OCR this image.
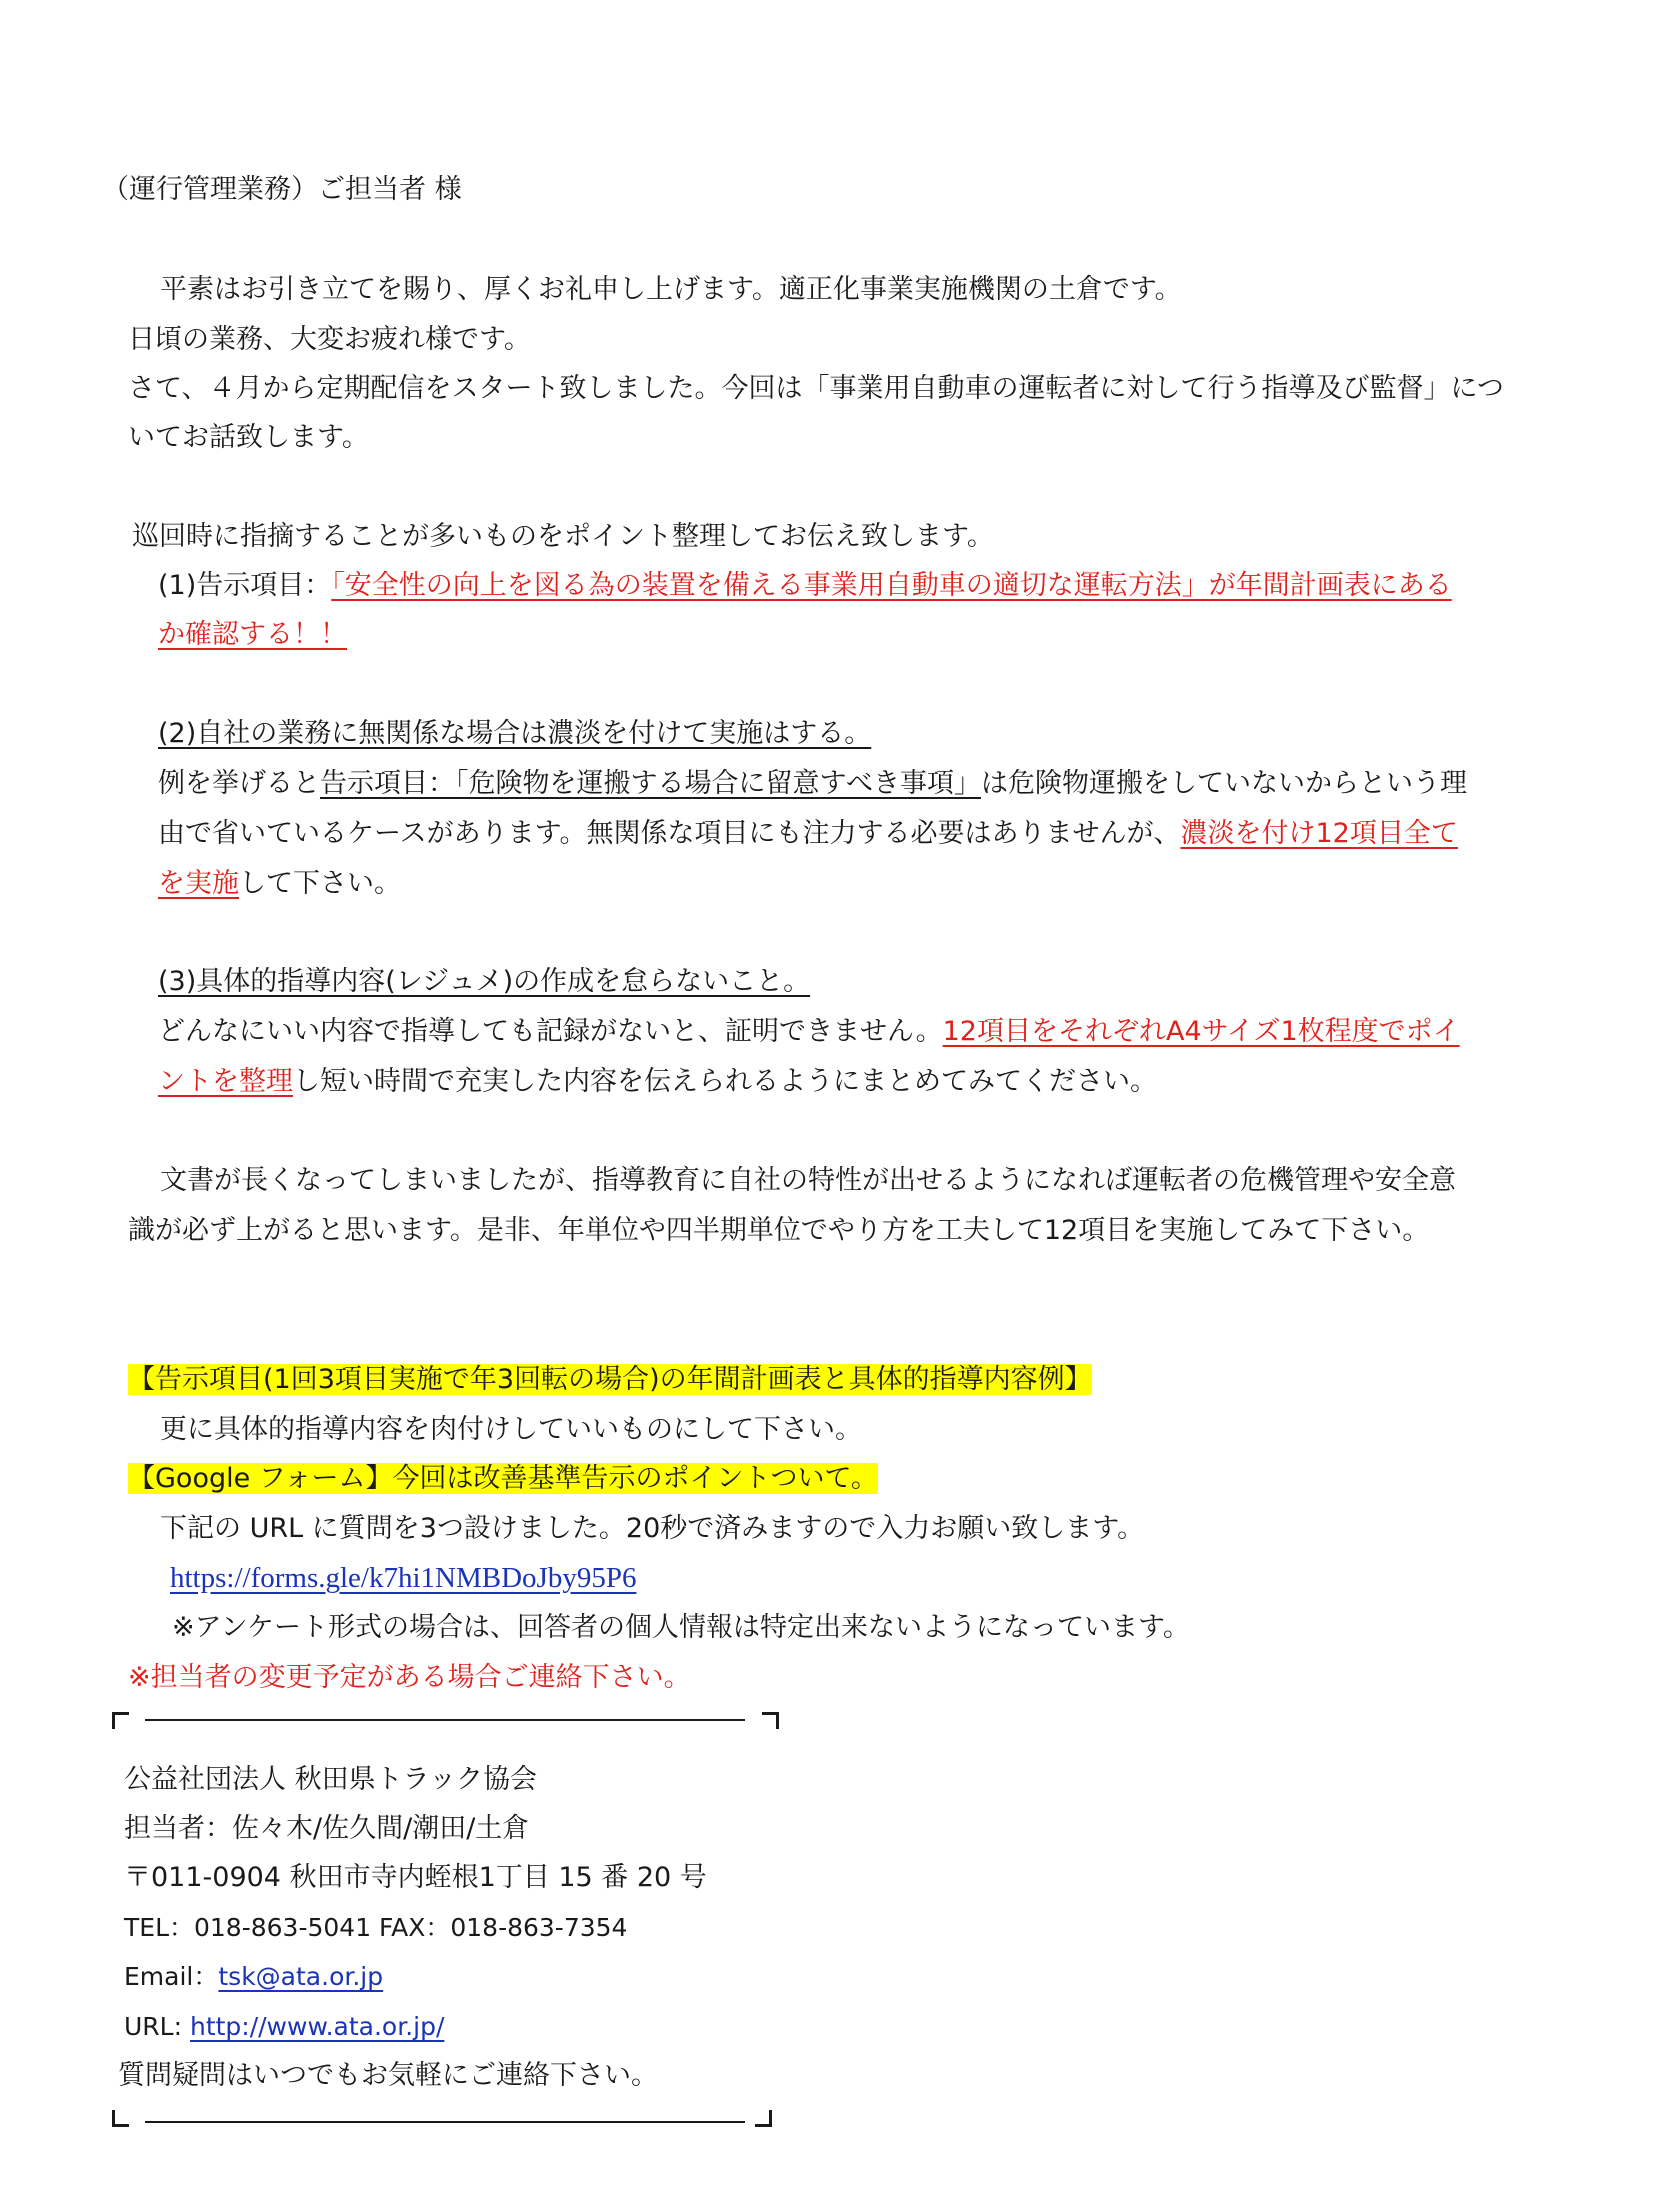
（運行管理業務）ご担当者 様
平素はお引き立てを賜り、厚くお礼申し上げます。適正化事業実施機関の土倉です。
日頃の業務、大変お疲れ様です。
さて、４月から定期配信をスタート致しました。今回は「事業用自動車の運転者に対して行う指導及び監督」につ
いてお話致します。
巡回時に指摘することが多いものをポイント整理してお伝え致します。
(1)告示項目：「安全性の向上を図る為の装置を備える事業用自動車の適切な運転方法」が年間計画表にある
か確認する！！
(2)自社の業務に無関係な場合は濃淡を付けて実施はする。
例を挙げると告示項目：「危険物を運搬する場合に留意すべき事項」は危険物運搬をしていないからという理
由で省いているケースがあります。無関係な項目にも注力する必要はありませんが、濃淡を付け12項目全て
を実施して下さい。
(3)具体的指導内容(レジュメ)の作成を怠らないこと。
どんなにいい内容で指導しても記録がないと、証明できません。12項目をそれぞれA4サイズ1枚程度でポイ
ントを整理し短い時間で充実した内容を伝えられるようにまとめてみてください。
文書が長くなってしまいましたが、指導教育に自社の特性が出せるようになれば運転者の危機管理や安全意
識が必ず上がると思います。是非、年単位や四半期単位でやり方を工夫して12項目を実施してみて下さい。
【告示項目(1回3項目実施で年3回転の場合)の年間計画表と具体的指導内容例】
更に具体的指導内容を肉付けしていいものにして下さい。
【Google フォーム】今回は改善基準告示のポイントついて。
下記の URL に質問を3つ設けました。20秒で済みますので入力お願い致します。
https://forms.gle/k7hi1NMBDoJby95P6
※アンケート形式の場合は、回答者の個人情報は特定出来ないようになっています。
※担当者の変更予定がある場合ご連絡下さい。
公益社団法人 秋田県トラック協会
担当者：佐々木/佐久間/潮田/土倉
〒011-0904 秋田市寺内蛭根1丁目 15 番 20 号
TEL：018-863-5041 FAX：018-863-7354
Email：tsk@ata.or.jp
URL: http://www.ata.or.jp/
質問疑問はいつでもお気軽にご連絡下さい。
